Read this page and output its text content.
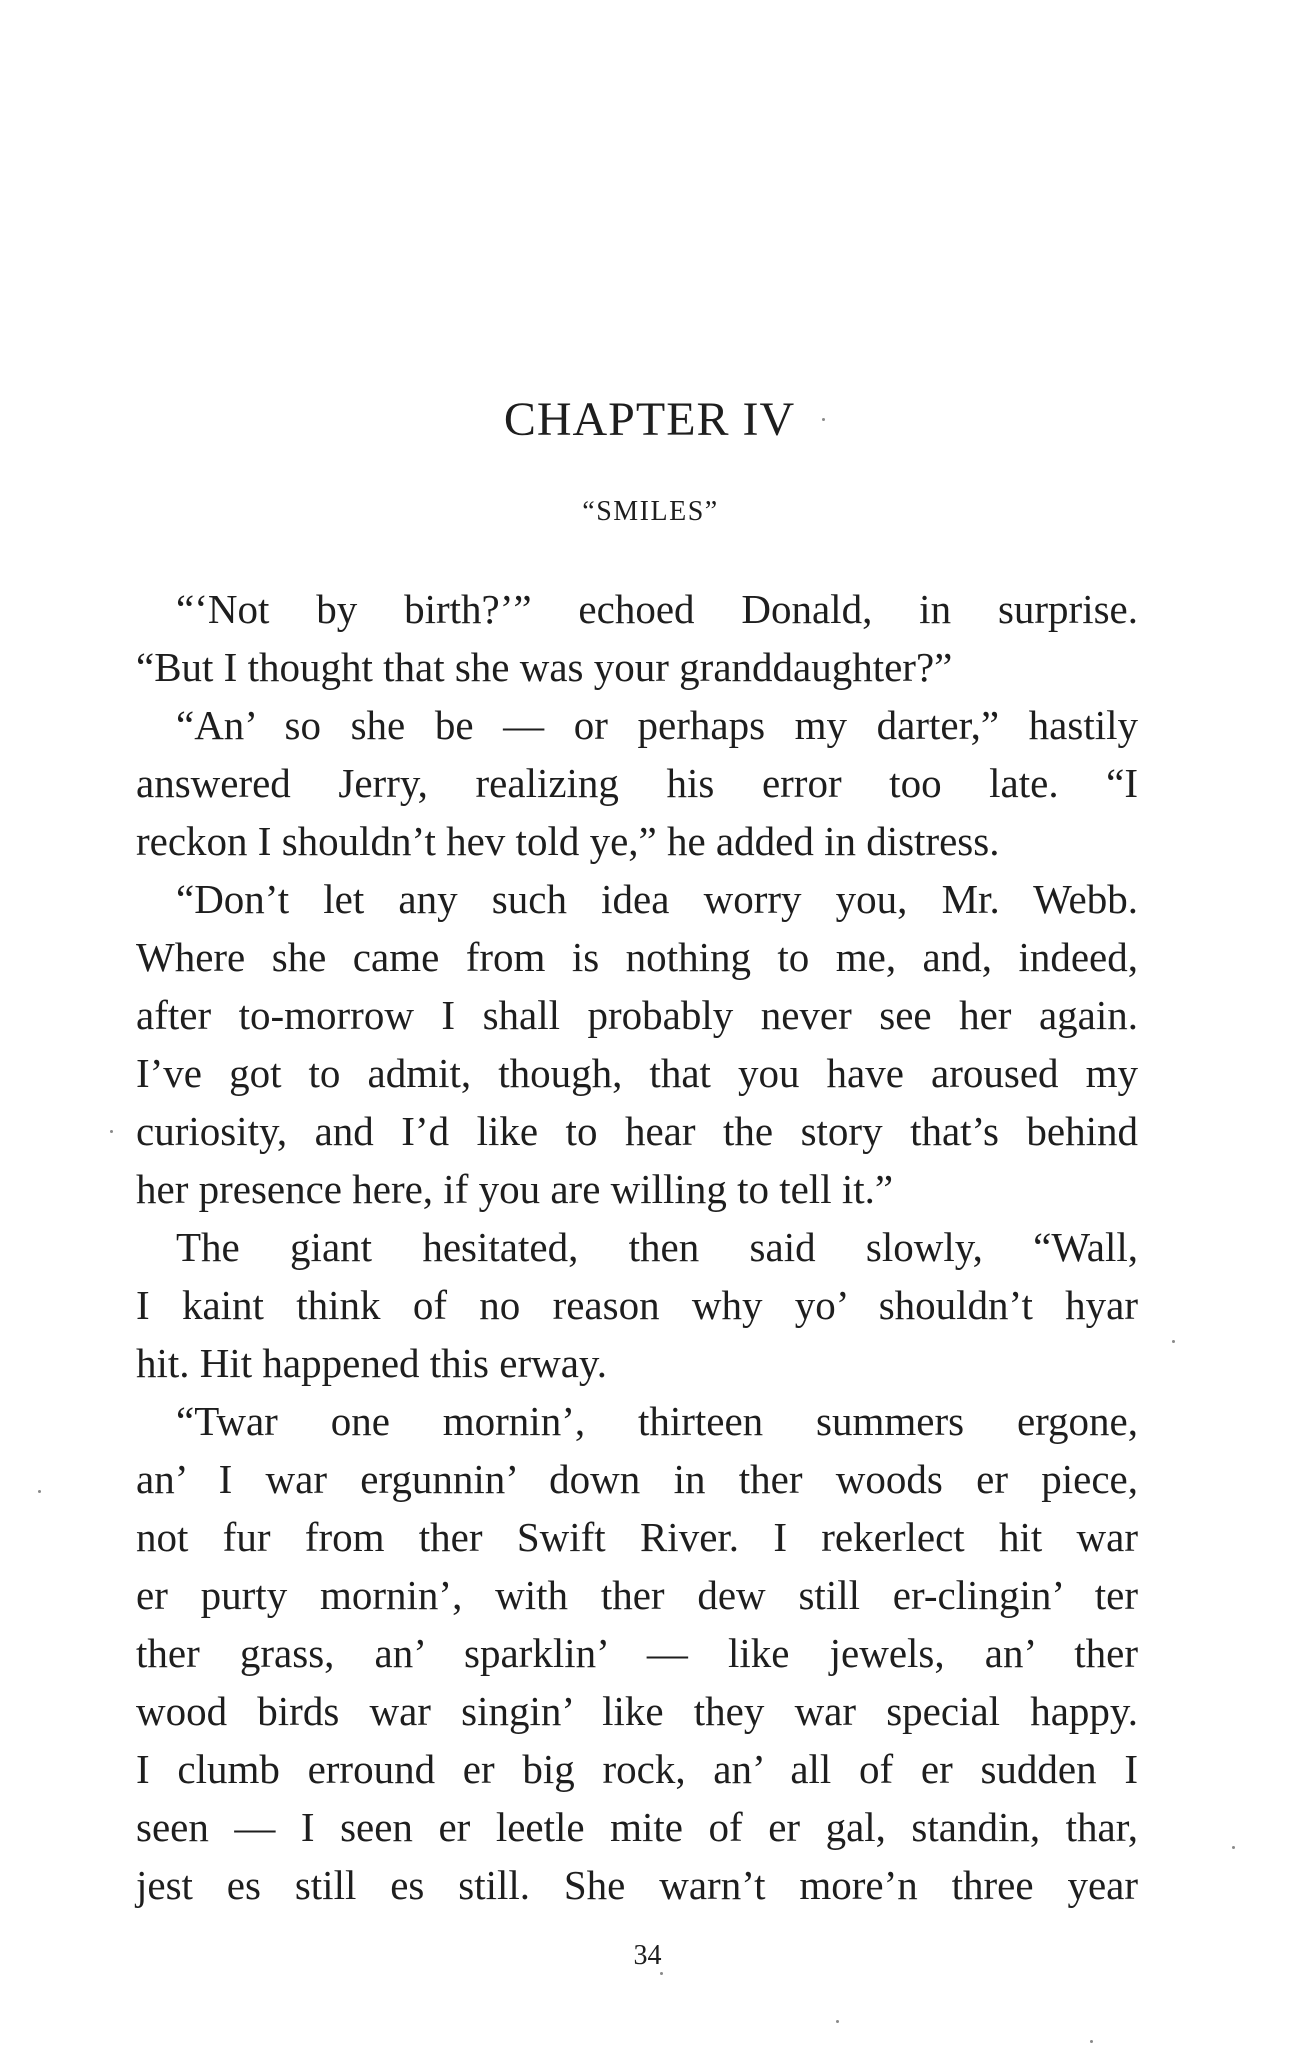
CHAPTER IV
“SMILES”
“‘Not by birth?’” echoed Donald, in surprise.
“But I thought that she was your granddaughter?”
“An’ so she be — or perhaps my darter,” hastily
answered Jerry, realizing his error too late. “I
reckon I shouldn’t hev told ye,” he added in distress.
“Don’t let any such idea worry you, Mr. Webb.
Where she came from is nothing to me, and, indeed,
after to-morrow I shall probably never see her again.
I’ve got to admit, though, that you have aroused my
curiosity, and I’d like to hear the story that’s behind
her presence here, if you are willing to tell it.”
The giant hesitated, then said slowly, “Wall,
I kaint think of no reason why yo’ shouldn’t hyar
hit. Hit happened this erway.
“Twar one mornin’, thirteen summers ergone,
an’ I war ergunnin’ down in ther woods er piece,
not fur from ther Swift River. I rekerlect hit war
er purty mornin’, with ther dew still er-clingin’ ter
ther grass, an’ sparklin’ — like jewels, an’ ther
wood birds war singin’ like they war special happy.
I clumb erround er big rock, an’ all of er sudden I
seen — I seen er leetle mite of er gal, standin, thar,
jest es still es still. She warn’t more’n three year
34
